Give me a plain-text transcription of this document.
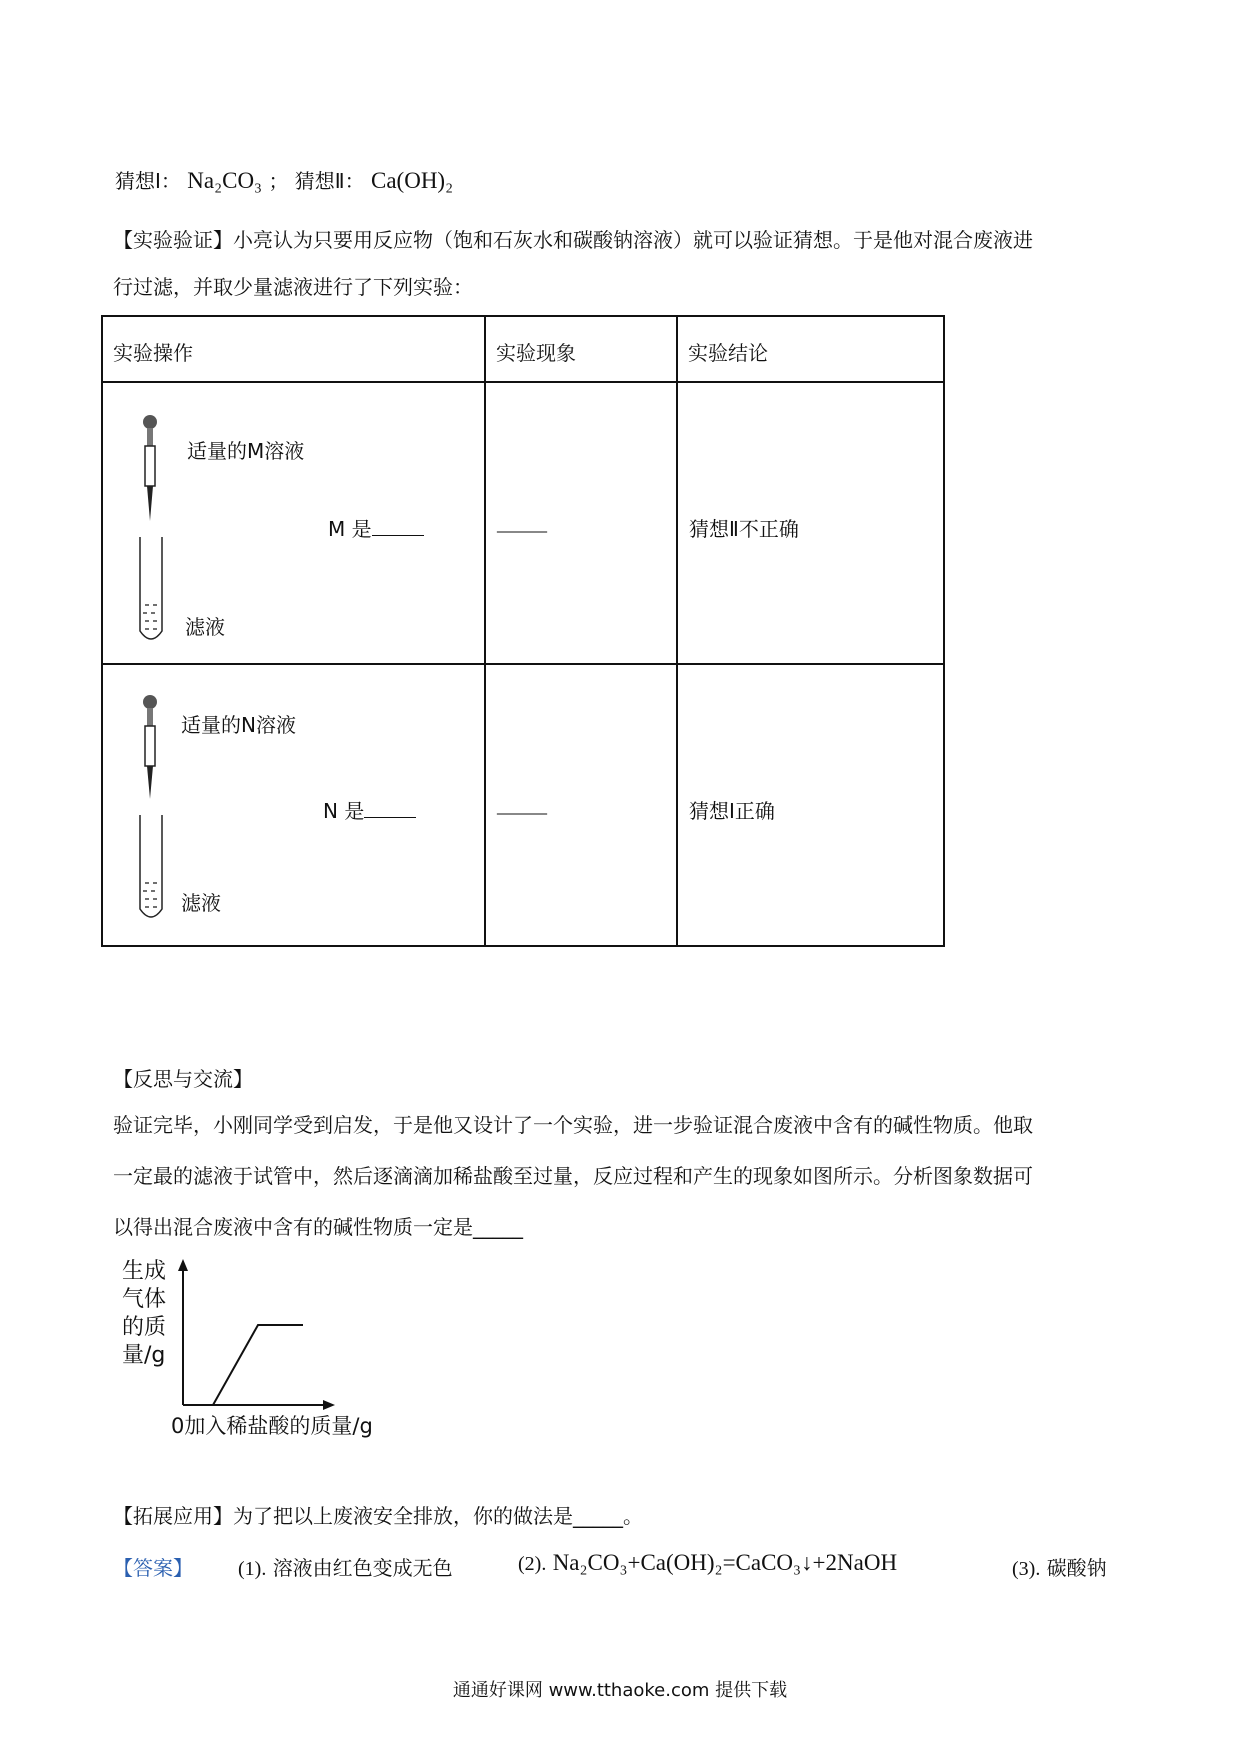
猜想Ⅰ： Na₂CO₃ ； 猜想Ⅱ： Ca(OH)₂
【实验验证】小亮认为只要用反应物（饱和石灰水和碳酸钠溶液）就可以验证猜想。于是他对混合废液进
行过滤，并取少量滤液进行了下列实验：
实验操作	实验现象	实验结论

适量的M溶液
M 是
滤液	_____	猜想Ⅱ不正确

适量的N溶液
N 是
滤液	_____	猜想Ⅰ正确
【反思与交流】
验证完毕，小刚同学受到启发，于是他又设计了一个实验，进一步验证混合废液中含有的碱性物质。他取
一定最的滤液于试管中，然后逐滴滴加稀盐酸至过量，反应过程和产生的现象如图所示。分析图象数据可
以得出混合废液中含有的碱性物质一定是_____
生成
气体
的质
量/g
0加入稀盐酸的质量/g
【拓展应用】为了把以上废液安全排放，你的做法是_____。
【答案】 (1). 溶液由红色变成无色	(2). Na₂CO₃+Ca(OH)₂=CaCO₃↓+2NaOH	(3). 碳酸钠
通通好课网 www.tthaoke.com 提供下载
